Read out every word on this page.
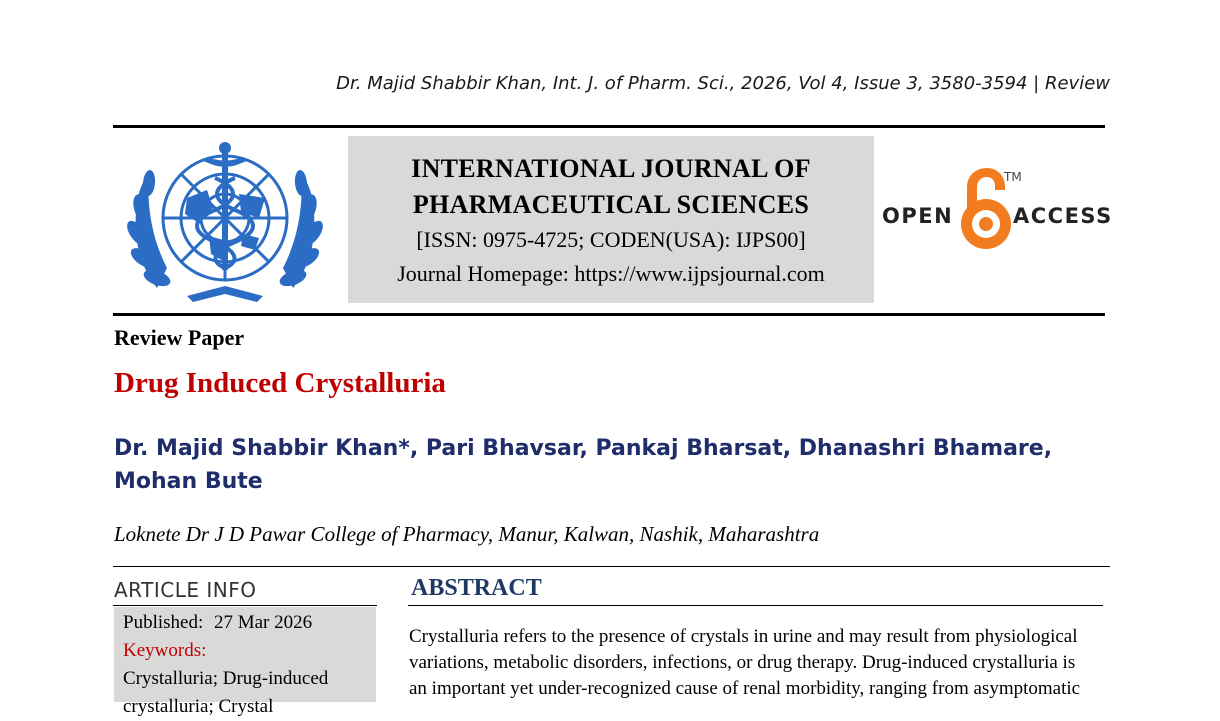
Dr. Majid Shabbir Khan, Int. J. of Pharm. Sci., 2026, Vol 4, Issue 3, 3580-3594 | Review
INTERNATIONAL JOURNAL OF
PHARMACEUTICAL SCIENCES
[ISSN: 0975-4725; CODEN(USA): IJPS00]
Journal Homepage: https://www.ijpsjournal.com
OPEN
TM
ACCESS
Review Paper
Drug Induced Crystalluria
Dr. Majid Shabbir Khan*, Pari Bhavsar, Pankaj Bharsat, Dhanashri Bhamare,
Mohan Bute
Loknete Dr J D Pawar College of Pharmacy, Manur, Kalwan, Nashik, Maharashtra
ARTICLE INFO
Published: 27 Mar 2026
Keywords:
Crystalluria; Drug-induced
crystalluria; Crystal
ABSTRACT
Crystalluria refers to the presence of crystals in urine and may result from physiological
variations, metabolic disorders, infections, or drug therapy. Drug-induced crystalluria is
an important yet under-recognized cause of renal morbidity, ranging from asymptomatic
